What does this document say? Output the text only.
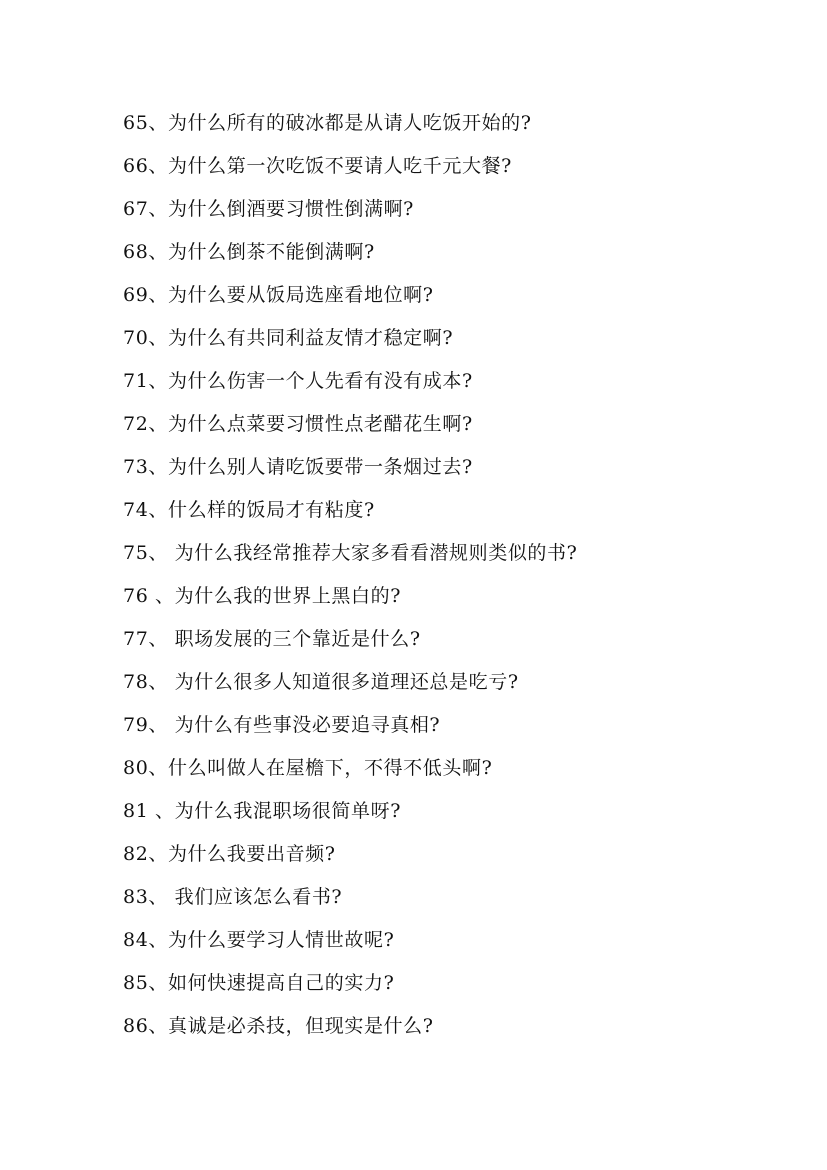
65、为什么所有的破冰都是从请人吃饭开始的?
66、为什么第一次吃饭不要请人吃千元大餐?
67、为什么倒酒要习惯性倒满啊?
68、为什么倒茶不能倒满啊?
69、为什么要从饭局选座看地位啊?
70、为什么有共同利益友情才稳定啊?
71、为什么伤害一个人先看有没有成本?
72、为什么点菜要习惯性点老醋花生啊?
73、为什么别人请吃饭要带一条烟过去?
74、什么样的饭局才有粘度?
75、 为什么我经常推荐大家多看看潜规则类似的书?
76 、为什么我的世界上黑白的?
77、 职场发展的三个靠近是什么?
78、 为什么很多人知道很多道理还总是吃亏?
79、 为什么有些事没必要追寻真相?
80、什么叫做人在屋檐下，不得不低头啊?
81 、为什么我混职场很简单呀?
82、为什么我要出音频?
83、 我们应该怎么看书?
84、为什么要学习人情世故呢?
85、如何快速提高自己的实力?
86、真诚是必杀技，但现实是什么?
